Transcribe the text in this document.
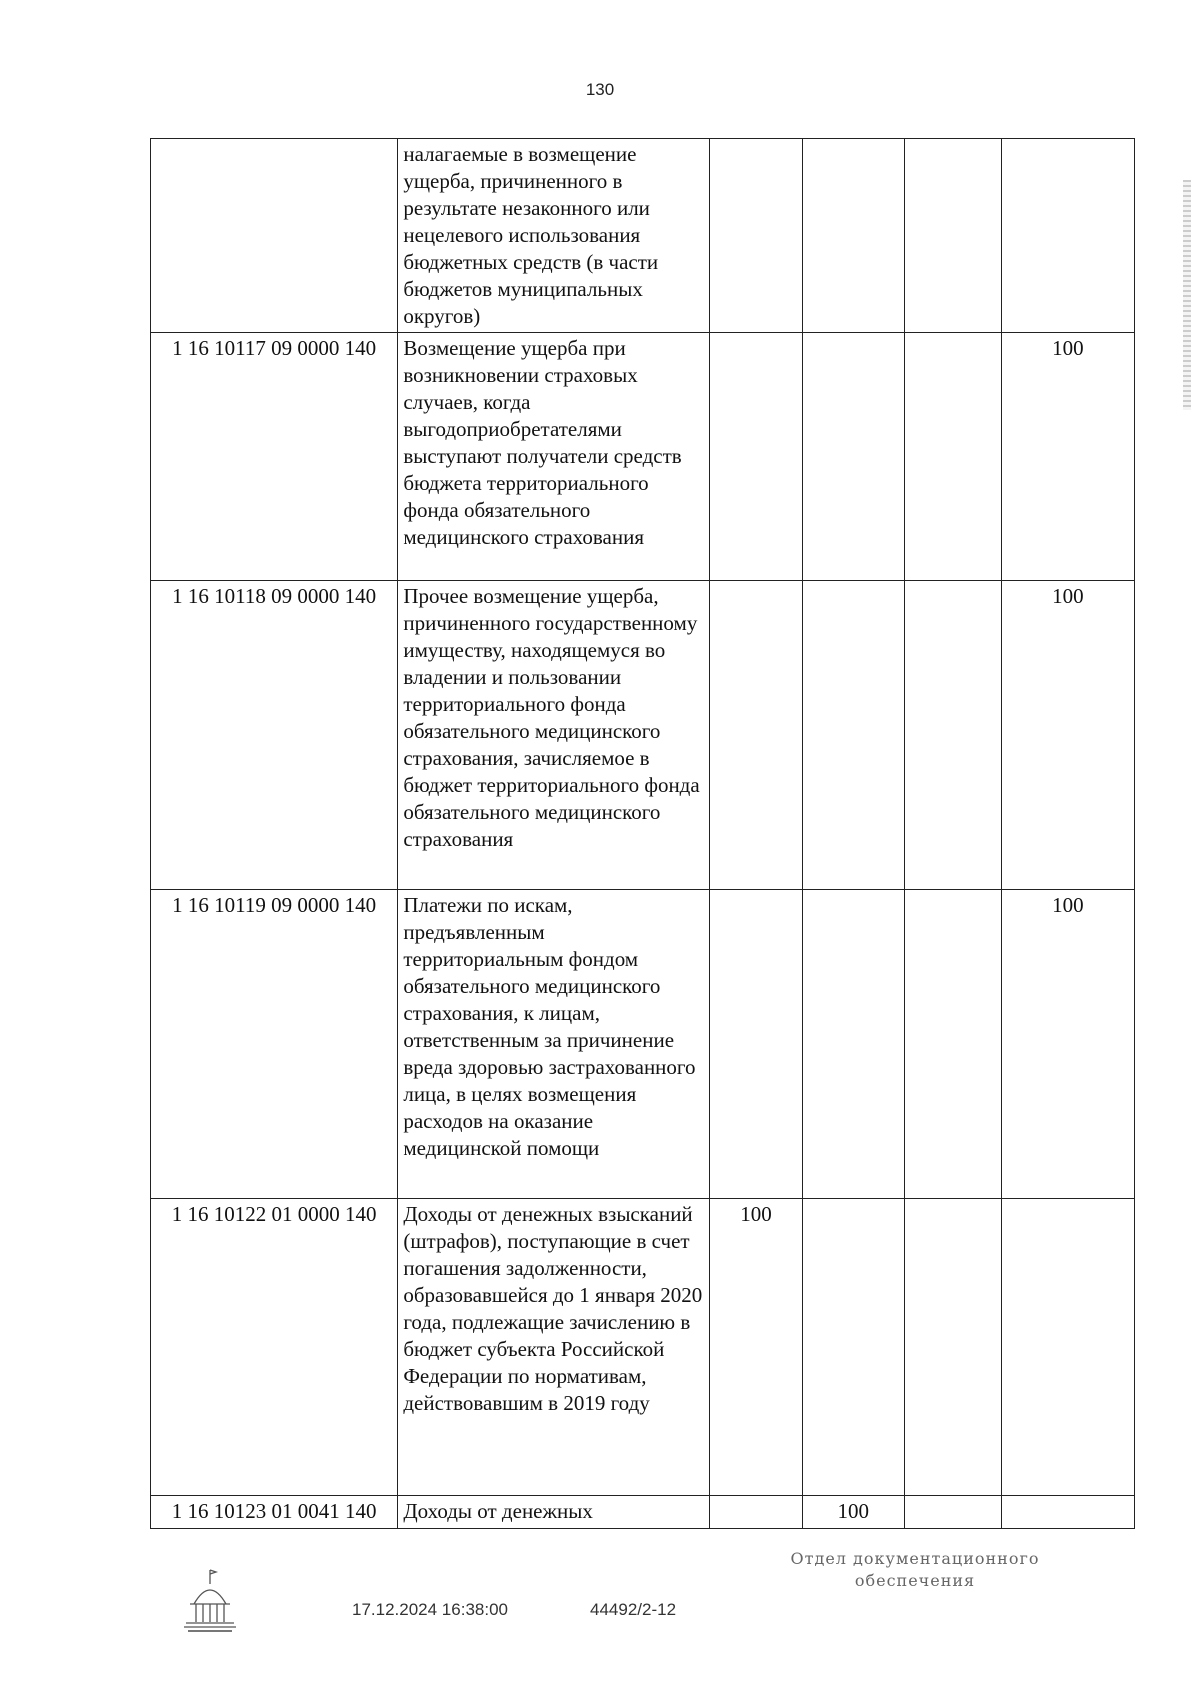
130
	налагаемые в возмещение ущерба, причиненного в результате незаконного или нецелевого использования бюджетных средств (в части бюджетов муниципальных округов)				
1 16 10117 09 0000 140	Возмещение ущерба при возникновении страховых случаев, когда выгодоприобретателями выступают получатели средств бюджета территориального фонда обязательного медицинского страхования				100
1 16 10118 09 0000 140	Прочее возмещение ущерба, причиненного государственному имуществу, находящемуся во владении и пользовании территориального фонда обязательного медицинского страхования, зачисляемое в бюджет территориального фонда обязательного медицинского страхования				100
1 16 10119 09 0000 140	Платежи по искам, предъявленным территориальным фондом обязательного медицинского страхования, к лицам, ответственным за причинение вреда здоровью застрахованного лица, в целях возмещения расходов на оказание медицинской помощи				100
1 16 10122 01 0000 140	Доходы от денежных взысканий (штрафов), поступающие в счет погашения задолженности, образовавшейся до 1 января 2020 года, подлежащие зачислению в бюджет субъекта Российской Федерации по нормативам, действовавшим в 2019 году	100			
1 16 10123 01 0041 140	Доходы от денежных		100		
17.12.2024 16:38:00	44492/2-12
Отдел документационного
обеспечения
